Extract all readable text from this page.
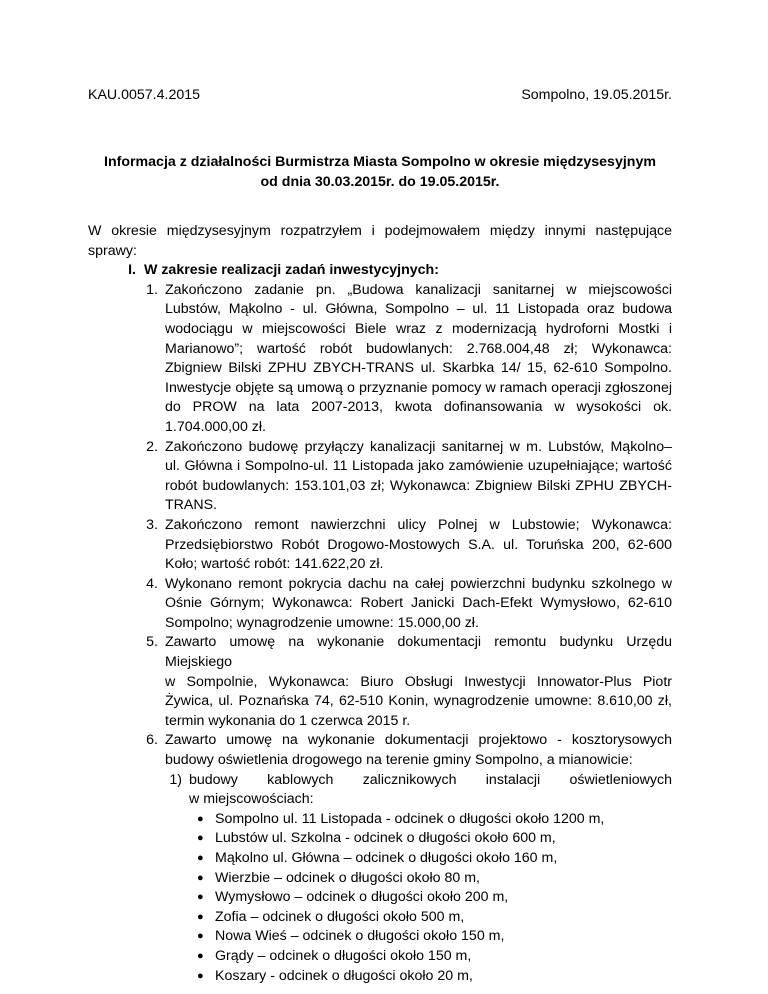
KAU.0057.4.2015	Sompolno, 19.05.2015r.
Informacja z działalności Burmistrza Miasta Sompolno w okresie międzysesyjnym
od dnia 30.03.2015r. do 19.05.2015r.
W okresie międzysesyjnym rozpatrzyłem i podejmowałem między innymi następujące sprawy:
I. W zakresie realizacji zadań inwestycyjnych:
1. Zakończono zadanie pn. „Budowa kanalizacji sanitarnej w miejscowości Lubstów, Mąkolno - ul. Główna, Sompolno – ul. 11 Listopada oraz budowa wodociągu w miejscowości Biele wraz z modernizacją hydroforni Mostki i Marianowo”; wartość robót budowlanych: 2.768.004,48 zł; Wykonawca: Zbigniew Bilski ZPHU ZBYCH-TRANS ul. Skarbka 14/ 15, 62-610 Sompolno. Inwestycje objęte są umową o przyznanie pomocy w ramach operacji zgłoszonej do PROW na lata 2007-2013, kwota dofinansowania w wysokości ok. 1.704.000,00 zł.
2. Zakończono budowę przyłączy kanalizacji sanitarnej w m. Lubstów, Mąkolno– ul. Główna i Sompolno-ul. 11 Listopada jako zamówienie uzupełniające; wartość robót budowlanych: 153.101,03 zł; Wykonawca: Zbigniew Bilski ZPHU ZBYCH-TRANS.
3. Zakończono remont nawierzchni ulicy Polnej w Lubstowie; Wykonawca: Przedsiębiorstwo Robót Drogowo-Mostowych S.A. ul. Toruńska 200, 62-600 Koło; wartość robót: 141.622,20 zł.
4. Wykonano remont pokrycia dachu na całej powierzchni budynku szkolnego w Ośnie Górnym; Wykonawca: Robert Janicki Dach-Efekt Wymysłowo, 62-610 Sompolno; wynagrodzenie umowne: 15.000,00 zł.
5. Zawarto umowę na wykonanie dokumentacji remontu budynku Urzędu Miejskiego
w Sompolnie, Wykonawca: Biuro Obsługi Inwestycji Innowator-Plus Piotr Żywica, ul. Poznańska 74, 62-510 Konin, wynagrodzenie umowne: 8.610,00 zł, termin wykonania do 1 czerwca 2015 r.
6. Zawarto umowę na wykonanie dokumentacji projektowo - kosztorysowych budowy oświetlenia drogowego na terenie gminy Sompolno, a mianowicie:
1) budowy kablowych zalicznikowych instalacji oświetleniowych
w miejscowościach:
● Sompolno ul. 11 Listopada - odcinek o długości około 1200 m,
● Lubstów ul. Szkolna - odcinek o długości około 600 m,
● Mąkolno ul. Główna – odcinek o długości około 160 m,
● Wierzbie – odcinek o długości około 80 m,
● Wymysłowo – odcinek o długości około 200 m,
● Zofia – odcinek o długości około 500 m,
● Nowa Wieś – odcinek o długości około 150 m,
● Grądy – odcinek o długości około 150 m,
● Koszary - odcinek o długości około 20 m,
